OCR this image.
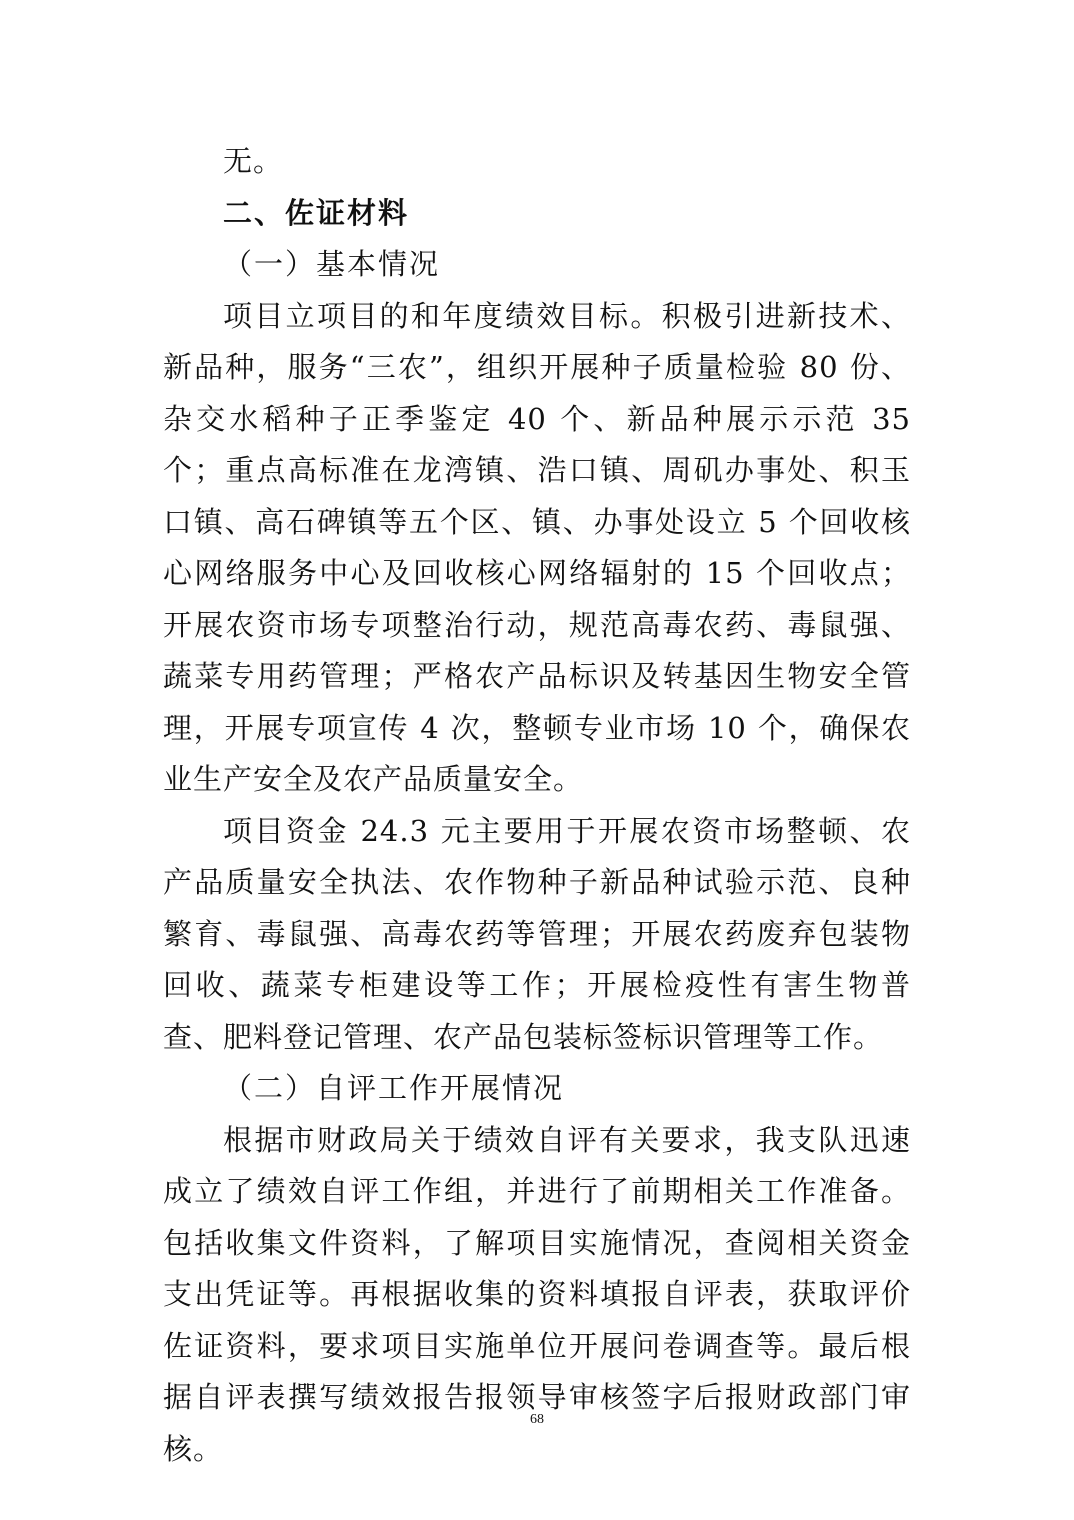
无。

二、佐证材料

（一）基本情况

项目立项目的和年度绩效目标。积极引进新技术、新品种，服务“三农”，组织开展种子质量检验 80 份、杂交水稻种子正季鉴定 40 个、新品种展示示范 35 个；重点高标准在龙湾镇、浩口镇、周矶办事处、积玉口镇、高石碑镇等五个区、镇、办事处设立 5 个回收核心网络服务中心及回收核心网络辐射的 15 个回收点；开展农资市场专项整治行动，规范高毒农药、毒鼠强、蔬菜专用药管理；严格农产品标识及转基因生物安全管理，开展专项宣传 4 次，整顿专业市场 10 个，确保农业生产安全及农产品质量安全。

项目资金 24.3 元主要用于开展农资市场整顿、农产品质量安全执法、农作物种子新品种试验示范、良种繁育、毒鼠强、高毒农药等管理；开展农药废弃包装物回收、蔬菜专柜建设等工作；开展检疫性有害生物普查、肥料登记管理、农产品包装标签标识管理等工作。

（二）自评工作开展情况

根据市财政局关于绩效自评有关要求，我支队迅速成立了绩效自评工作组，并进行了前期相关工作准备。包括收集文件资料，了解项目实施情况，查阅相关资金支出凭证等。再根据收集的资料填报自评表，获取评价佐证资料，要求项目实施单位开展问卷调查等。最后根据自评表撰写绩效报告报领导审核签字后报财政部门审核。

68
